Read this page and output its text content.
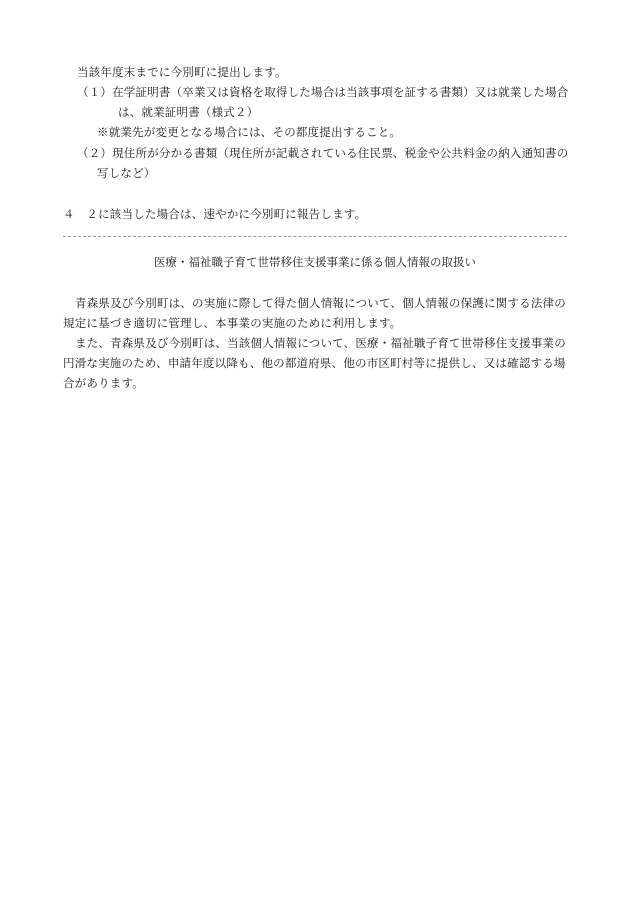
当該年度末までに今別町に提出します。
（１）在学証明書（卒業又は資格を取得した場合は当該事項を証する書類）又は就業した場合
は、就業証明書（様式２）
※就業先が変更となる場合には、その都度提出すること。
（２）現住所が分かる書類（現住所が記載されている住民票、税金や公共料金の納入通知書の
写しなど）
４　２に該当した場合は、速やかに今別町に報告します。
医療・福祉職子育て世帯移住支援事業に係る個人情報の取扱い
青森県及び今別町は、の実施に際して得た個人情報について、個人情報の保護に関する法律の
規定に基づき適切に管理し、本事業の実施のために利用します。
また、青森県及び今別町は、当該個人情報について、医療・福祉職子育て世帯移住支援事業の
円滑な実施のため、申請年度以降も、他の都道府県、他の市区町村等に提供し、又は確認する場
合があります。
